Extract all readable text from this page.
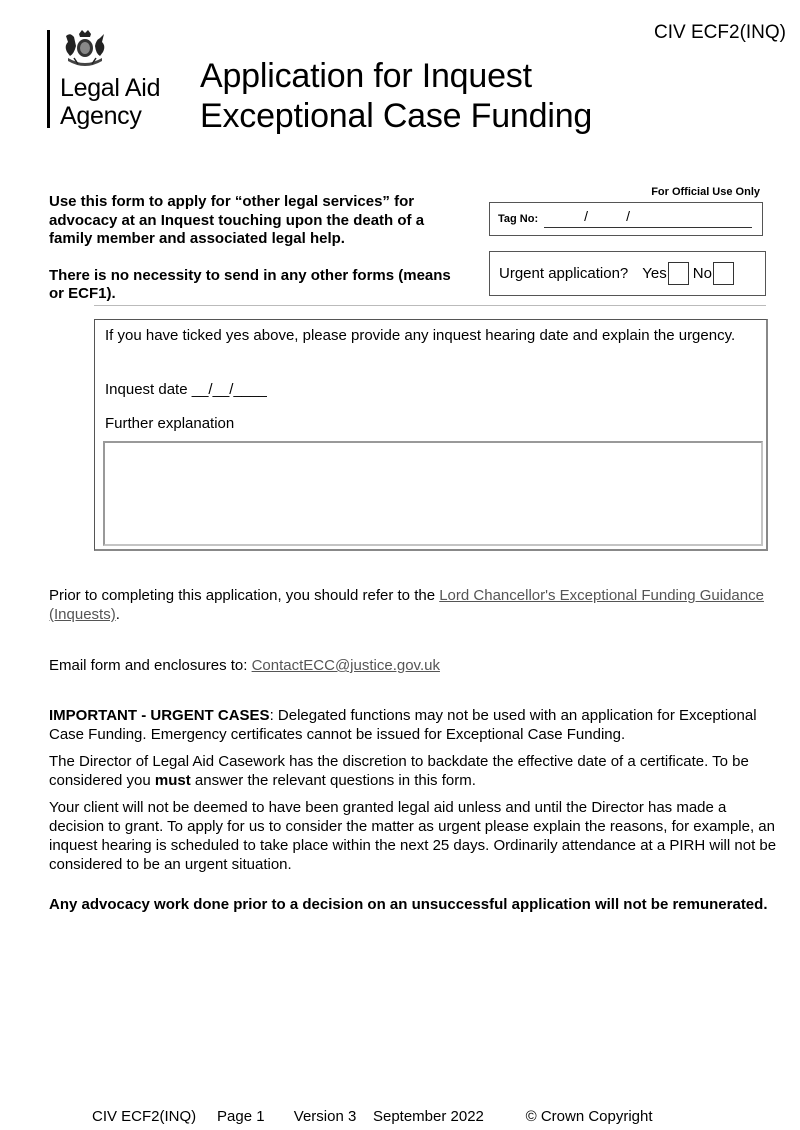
CIV ECF2(INQ)
Legal Aid
Agency
Application for Inquest
Exceptional Case Funding

Use this form to apply for “other legal services” for advocacy at an Inquest touching upon the death of a family member and associated legal help.

There is no necessity to send in any other forms (means or ECF1).

For Official Use Only
Tag No:	/	/
Urgent application? Yes No
If you have ticked yes above, please provide any inquest hearing date and explain the urgency.
Inquest date __/__/____
Further explanation
Prior to completing this application, you should refer to the Lord Chancellor's Exceptional Funding Guidance (Inquests).
Email form and enclosures to: ContactECC@justice.gov.uk

IMPORTANT - URGENT CASES: Delegated functions may not be used with an application for Exceptional Case Funding. Emergency certificates cannot be issued for Exceptional Case Funding.

The Director of Legal Aid Casework has the discretion to backdate the effective date of a certificate. To be considered you must answer the relevant questions in this form.

Your client will not be deemed to have been granted legal aid unless and until the Director has made a decision to grant. To apply for us to consider the matter as urgent please explain the reasons, for example, an inquest hearing is scheduled to take place within the next 25 days. Ordinarily attendance at a PIRH will not be considered to be an urgent situation.

Any advocacy work done prior to a decision on an unsuccessful application will not be remunerated.
CIV ECF2(INQ) Page 1 Version 3 September 2022	© Crown Copyright
